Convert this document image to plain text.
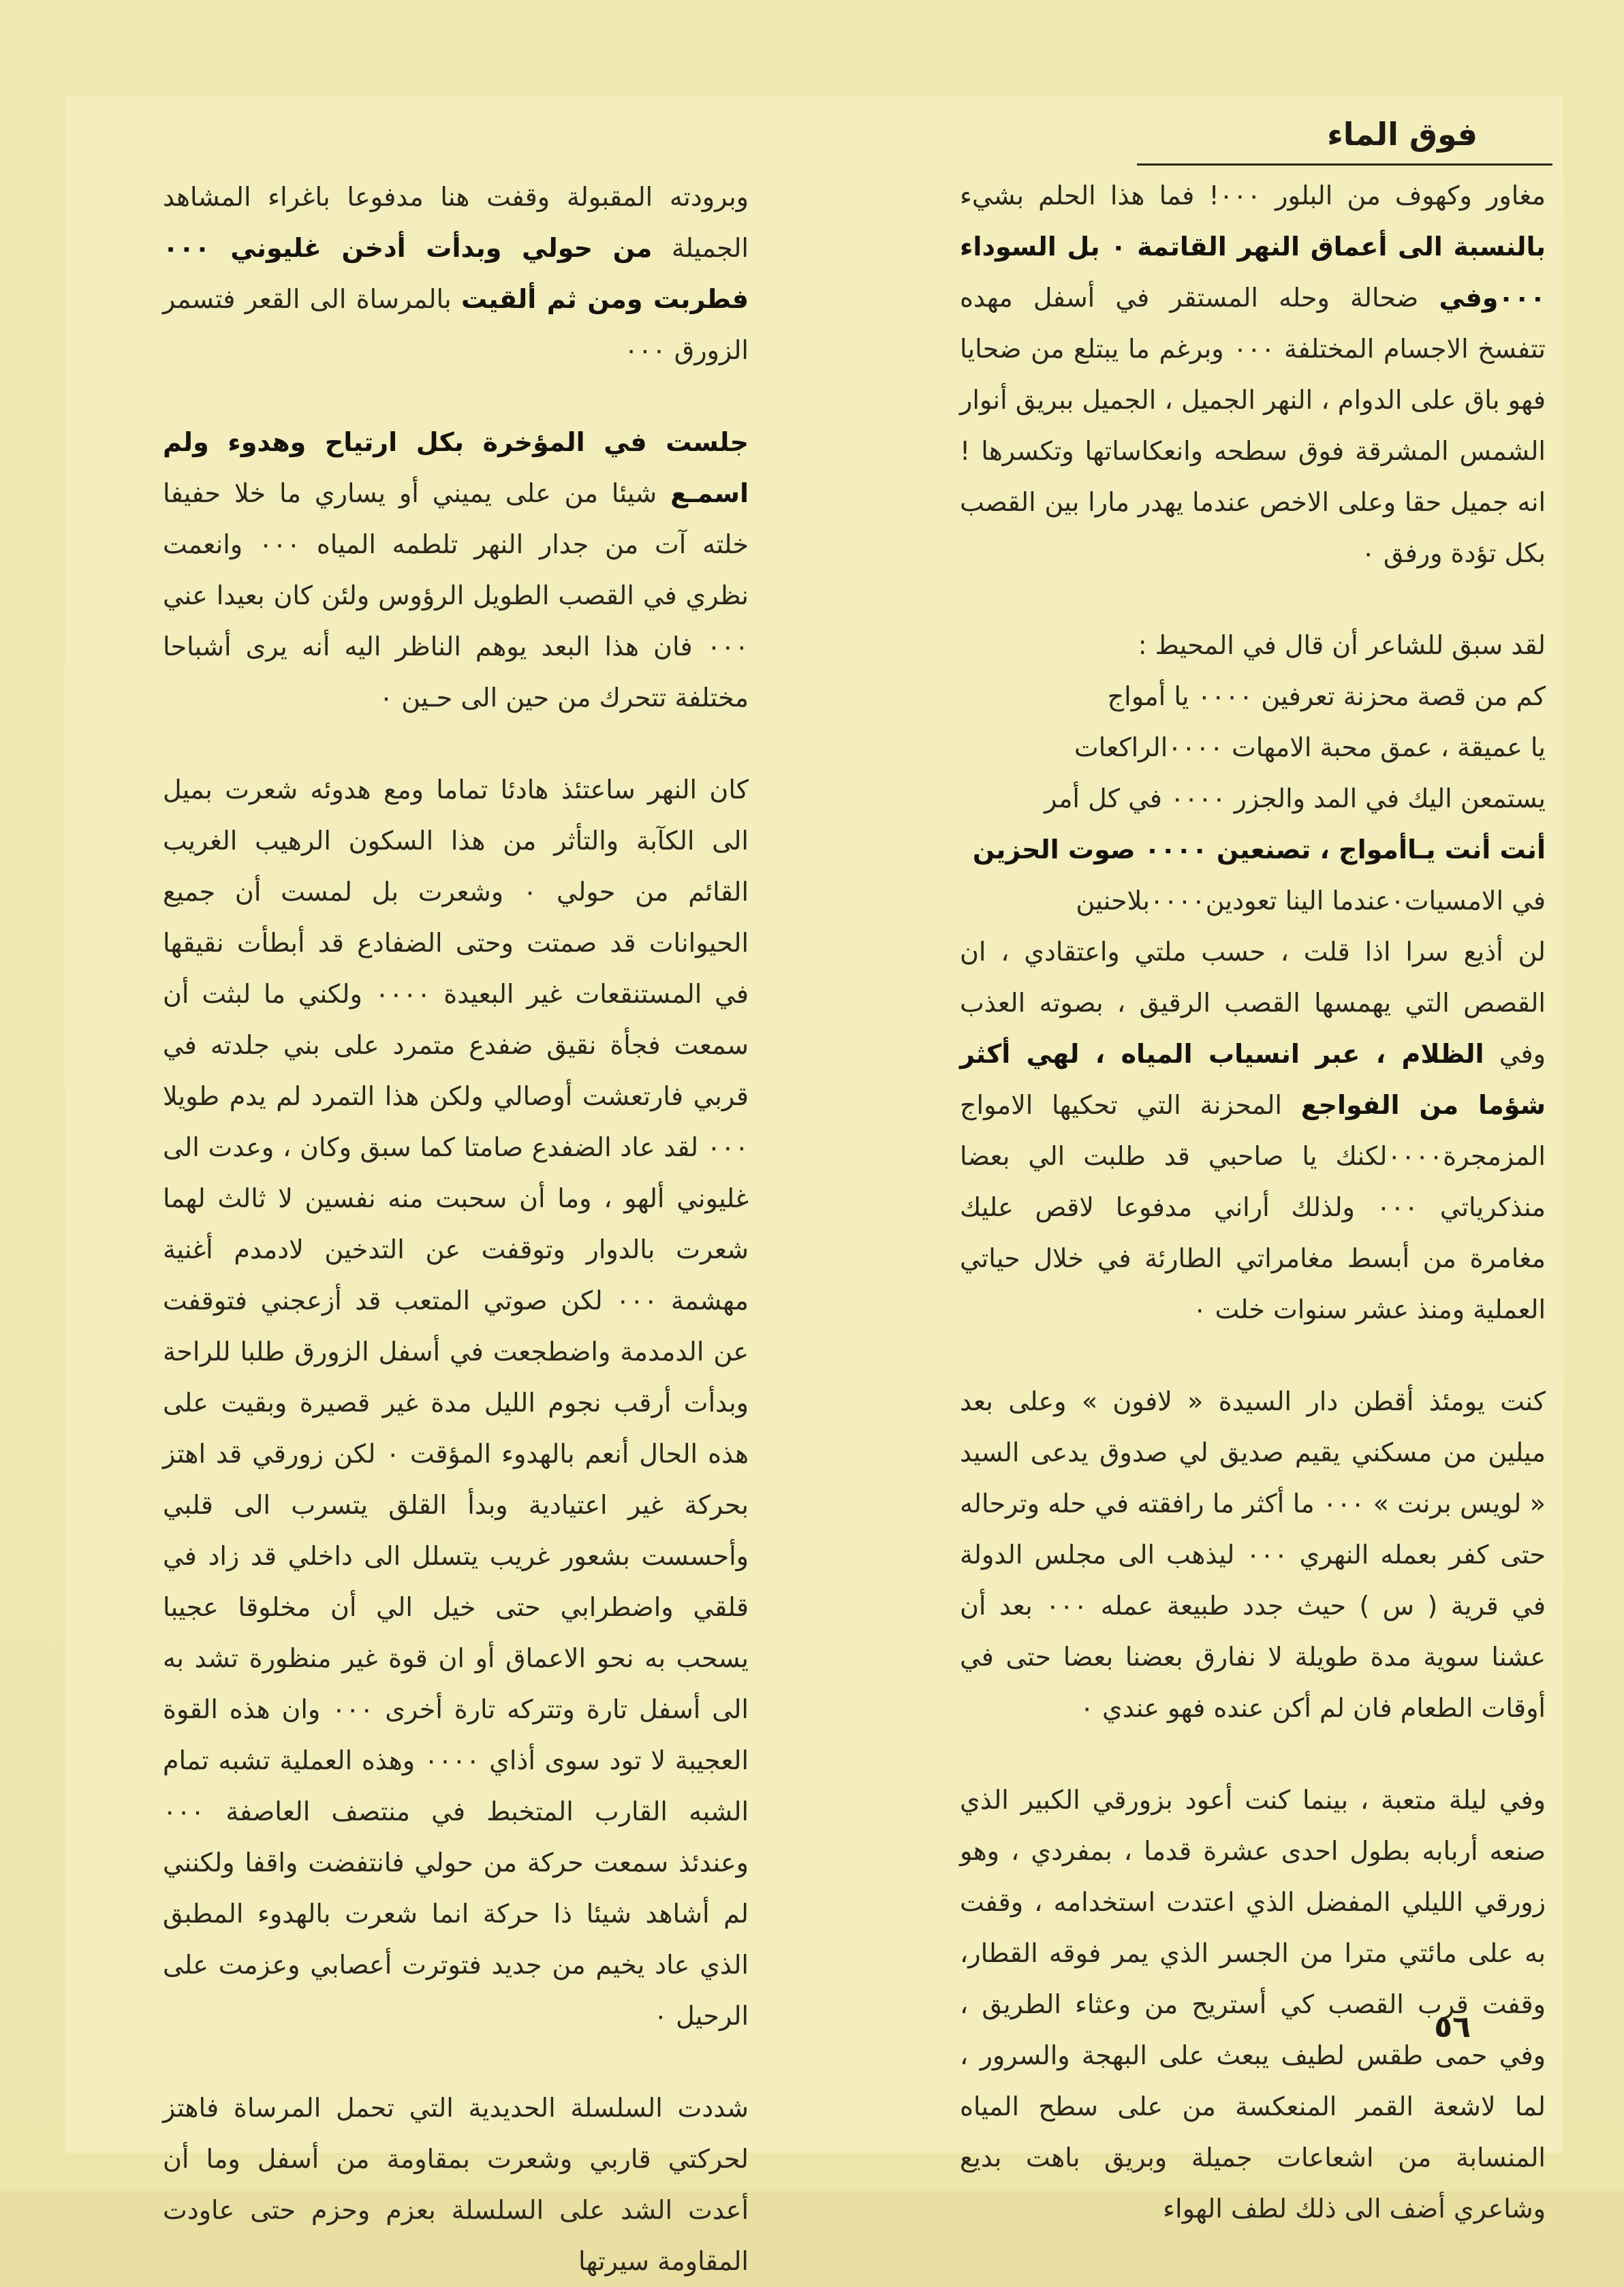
فوق الماء

مغاور وكهوف من البلور ٠٠٠! فما هذا الحلم بشيء بالنسبة الى أعماق النهر القاتمة ٠ بل السوداء ٠٠٠وفي ضحالة وحله المستقر في أسفل مهده تتفسخ الاجسام المختلفة ٠٠٠ وبرغم ما يبتلع من ضحايا فهو باق على الدوام ، النهر الجميل ، الجميل ببريق أنوار الشمس المشرقة فوق سطحه وانعكاساتها وتكسرها ! انه جميل حقا وعلى الاخص عندما يهدر مارا بين القصب بكل تؤدة ورفق ٠

لقد سبق للشاعر أن قال في المحيط :
كم من قصة محزنة تعرفين ٠٠٠٠ يا أمواج
يا عميقة ، عمق محبة الامهات ٠٠٠٠الراكعات
يستمعن اليك في المد والجزر ٠٠٠٠ في كل أمر
أنت أنت يـاأمواج ، تصنعين ٠٠٠٠ صوت الحزين
في الامسيات٠عندما الينا تعودين٠٠٠٠بلاحنين

لن أذيع سرا اذا قلت ، حسب ملتي واعتقادي ، ان القصص التي يهمسها القصب الرقيق ، بصوته العذب وفي الظلام ، عبر انسياب المياه ، لهي أكثر شؤما من الفواجع المحزنة التي تحكيها الامواج المزمجرة٠٠٠٠لكنك يا صاحبي قد طلبت الي بعضا منذكرياتي ٠٠٠ ولذلك أراني مدفوعا لاقص عليك مغامرة من أبسط مغامراتي الطارئة في خلال حياتي العملية ومنذ عشر سنوات خلت ٠

كنت يومئذ أقطن دار السيدة « لافون » وعلى بعد ميلين من مسكني يقيم صديق لي صدوق يدعى السيد « لويس برنت » ٠٠٠ ما أكثر ما رافقته في حله وترحاله حتى كفر بعمله النهري ٠٠٠ ليذهب الى مجلس الدولة في قرية ( س ) حيث جدد طبيعة عمله ٠٠٠ بعد أن عشنا سوية مدة طويلة لا نفارق بعضنا بعضا حتى في أوقات الطعام فان لم أكن عنده فهو عندي ٠

وفي ليلة متعبة ، بينما كنت أعود بزورقي الكبير الذي صنعه أربابه بطول احدى عشرة قدما ، بمفردي ، وهو زورقي الليلي المفضل الذي اعتدت استخدامه ، وقفت به على مائتي مترا من الجسر الذي يمر فوقه القطار، وقفت قرب القصب كي أستريح من وعثاء الطريق ، وفي حمى طقس لطيف يبعث على البهجة والسرور ، لما لاشعة القمر المنعكسة من على سطح المياه المنسابة من اشعاعات جميلة وبريق باهت بديع وشاعري أضف الى ذلك لطف الهواء

وبرودته المقبولة وقفت هنا مدفوعا باغراء المشاهد الجميلة من حولي وبدأت أدخن غليوني ٠٠٠ فطربت ومن ثم ألقيت بالمرساة الى القعر فتسمر الزورق ٠٠٠

جلست في المؤخرة بكل ارتياح وهدوء ولم اسمـع شيئا من على يميني أو يساري ما خلا حفيفا خلته آت من جدار النهر تلطمه المياه ٠٠٠ وانعمت نظري في القصب الطويل الرؤوس ولئن كان بعيدا عني ٠٠٠ فان هذا البعد يوهم الناظر اليه أنه يرى أشباحا مختلفة تتحرك من حين الى حـين ٠

كان النهر ساعتئذ هادئا تماما ومع هدوئه شعرت بميل الى الكآبة والتأثر من هذا السكون الرهيب الغريب القائم من حولي ٠ وشعرت بل لمست أن جميع الحيوانات قد صمتت وحتى الضفادع قد أبطأت نقيقها في المستنقعات غير البعيدة ٠٠٠٠ ولكني ما لبثت أن سمعت فجأة نقيق ضفدع متمرد على بني جلدته في قربي فارتعشت أوصالي ولكن هذا التمرد لم يدم طويلا ٠٠٠ لقد عاد الضفدع صامتا كما سبق وكان ، وعدت الى غليوني ألهو ، وما أن سحبت منه نفسين لا ثالث لهما شعرت بالدوار وتوقفت عن التدخين لادمدم أغنية مهشمة ٠٠٠ لكن صوتي المتعب قد أزعجني فتوقفت عن الدمدمة واضطجعت في أسفل الزورق طلبا للراحة وبدأت أرقب نجوم الليل مدة غير قصيرة وبقيت على هذه الحال أنعم بالهدوء المؤقت ٠ لكن زورقي قد اهتز بحركة غير اعتيادية وبدأ القلق يتسرب الى قلبي وأحسست بشعور غريب يتسلل الى داخلي قد زاد في قلقي واضطرابي حتى خيل الي أن مخلوقا عجيبا يسحب به نحو الاعماق أو ان قوة غير منظورة تشد به الى أسفل تارة وتتركه تارة أخرى ٠٠٠ وان هذه القوة العجيبة لا تود سوى أذاي ٠٠٠٠ وهذه العملية تشبه تمام الشبه القارب المتخبط في منتصف العاصفة ٠٠٠ وعندئذ سمعت حركة من حولي فانتفضت واقفا ولكنني لم أشاهد شيئا ذا حركة انما شعرت بالهدوء المطبق الذي عاد يخيم من جديد فتوترت أعصابي وعزمت على الرحيل ٠

شددت السلسلة الحديدية التي تحمل المرساة فاهتز لحركتي قاربي وشعرت بمقاومة من أسفل وما أن أعدت الشد على السلسلة بعزم وحزم حتى عاودت المقاومة سيرتها

٥٦
